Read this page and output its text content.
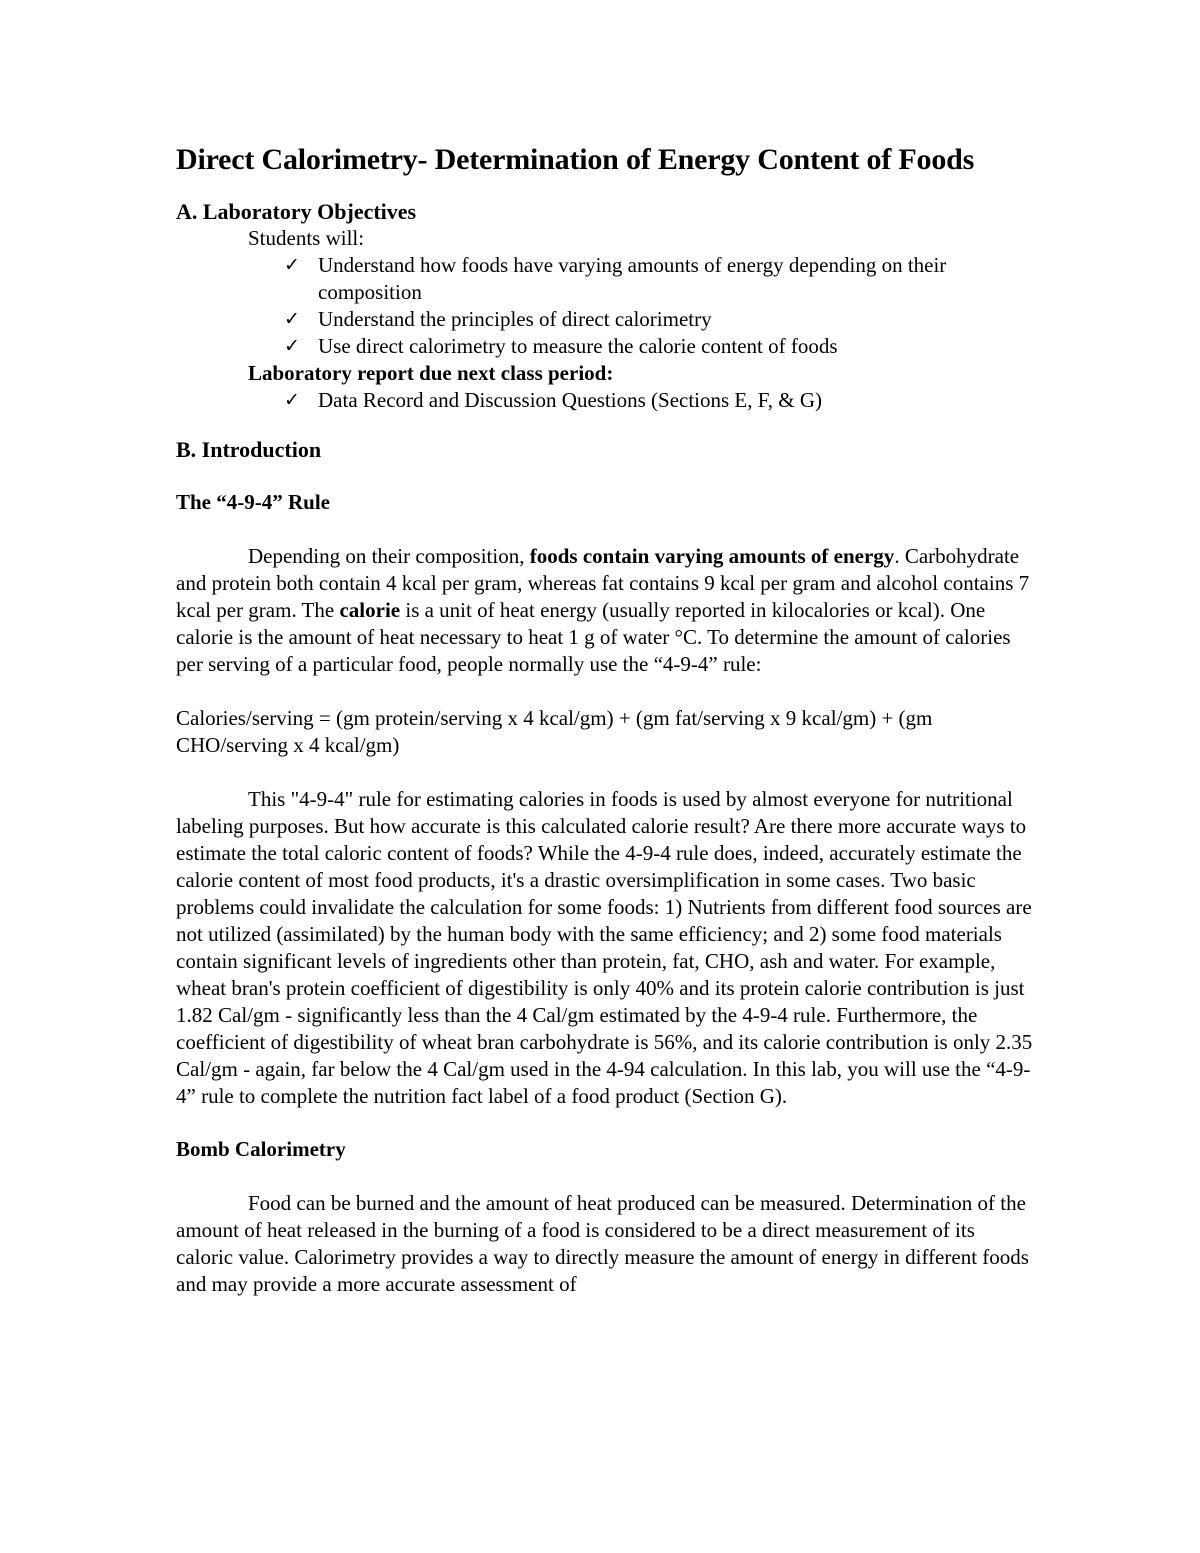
Direct Calorimetry- Determination of Energy Content of Foods

A. Laboratory Objectives

Students will:

✓ Understand how foods have varying amounts of energy depending on their composition
✓ Understand the principles of direct calorimetry
✓ Use direct calorimetry to measure the calorie content of foods

Laboratory report due next class period:

✓ Data Record and Discussion Questions (Sections E, F, & G)

B. Introduction

The “4-9-4” Rule

Depending on their composition, foods contain varying amounts of energy. Carbohydrate and protein both contain 4 kcal per gram, whereas fat contains 9 kcal per gram and alcohol contains 7 kcal per gram. The calorie is a unit of heat energy (usually reported in kilocalories or kcal). One calorie is the amount of heat necessary to heat 1 g of water °C. To determine the amount of calories per serving of a particular food, people normally use the “4-9-4” rule:

Calories/serving = (gm protein/serving x 4 kcal/gm) + (gm fat/serving x 9 kcal/gm) + (gm CHO/serving x 4 kcal/gm)

This "4-9-4" rule for estimating calories in foods is used by almost everyone for nutritional labeling purposes. But how accurate is this calculated calorie result? Are there more accurate ways to estimate the total caloric content of foods? While the 4-9-4 rule does, indeed, accurately estimate the calorie content of most food products, it's a drastic oversimplification in some cases. Two basic problems could invalidate the calculation for some foods: 1) Nutrients from different food sources are not utilized (assimilated) by the human body with the same efficiency; and 2) some food materials contain significant levels of ingredients other than protein, fat, CHO, ash and water. For example, wheat bran's protein coefficient of digestibility is only 40% and its protein calorie contribution is just 1.82 Cal/gm - significantly less than the 4 Cal/gm estimated by the 4-9-4 rule. Furthermore, the coefficient of digestibility of wheat bran carbohydrate is 56%, and its calorie contribution is only 2.35 Cal/gm - again, far below the 4 Cal/gm used in the 4-94 calculation. In this lab, you will use the “4-9-4” rule to complete the nutrition fact label of a food product (Section G).

Bomb Calorimetry

Food can be burned and the amount of heat produced can be measured. Determination of the amount of heat released in the burning of a food is considered to be a direct measurement of its caloric value. Calorimetry provides a way to directly measure the amount of energy in different foods and may provide a more accurate assessment of
